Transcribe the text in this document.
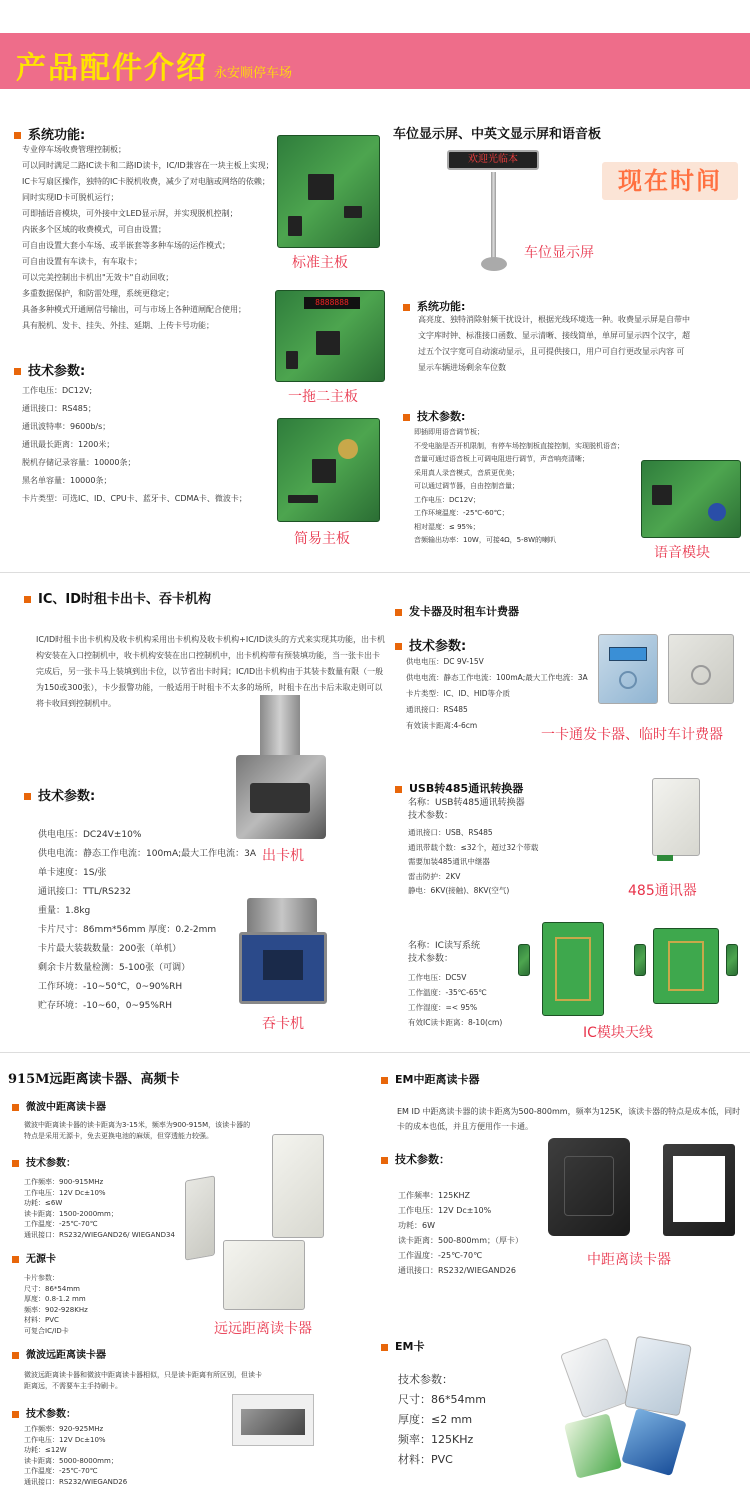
产品配件介绍 永安顺停车场
系统功能:
专业停车场收费管理控制板；
可以同时满足二路IC读卡和二路ID读卡，IC/ID兼容在一块主板上实现；
IC卡写扇区操作，独特的IC卡脱机收费，减少了对电脑或网络的依赖；
同时实现ID卡可脱机运行；
可即插语音模块，可外接中文LED显示屏，并实现脱机控制；
内嵌多个区域的收费模式，可自由设置；
可自由设置大套小车场、或半嵌套等多种车场的运作模式；
可自由设置有车读卡，有车取卡；
可以完美控制出卡机出"无效卡"自动回收；
多重数据保护，和防雷处理，系统更稳定；
具备多种模式开通闸信号输出，可与市场上各种道闸配合使用；
具有脱机、发卡、挂失、外挂、延期、上传卡号功能；
技术参数:
工作电压：DC12V;
通讯接口：RS485；
通讯波特率：9600b/s；
通讯最长距离：1200米；
脱机存储记录容量：10000条；
黑名单容量：10000条；
卡片类型：可选IC、ID、CPU卡、蓝牙卡、CDMA卡、微波卡；
标准主板
8888888
一拖二主板
简易主板
车位显示屏、中英文显示屏和语音板
欢迎光临本
现在时间
车位显示屏
系统功能:
高亮度、独特消除射频干扰设计，根据光线环境选一种。收费显示屏是自带中
文字库时钟、标准接口函数、显示清晰、接线简单，单屏可显示四个汉字，超
过五个汉字宽可自动滚动显示，且可提供接口，用户可自行更改显示内容 可
显示车辆进场剩余车位数
技术参数:
即插即用语音调节板；
不受电脑是否开机限制，有停车场控制板直接控制，实现脱机语音；
音量可通过语音板上可调电阻进行调节，声音响亮清晰；
采用真人录音模式，音质更优美；
可以通过调节器，自由控制音量；
工作电压：DC12V；
工作环境温度：-25℃-60℃；
相对湿度：≤ 95%；
音频输出功率：10W，可接4Ω，5-8W的喇叭
语音模块
IC、ID时租卡出卡、吞卡机构
IC/ID时租卡出卡机构及收卡机构采用出卡机构及收卡机构+IC/ID读头的方式来实现其功能，出卡机构安装在入口控制机中，收卡机构安装在出口控制机中，出卡机构带有预装填功能，当一张卡出卡完成后，另一张卡马上装填到出卡位，以节省出卡时间；IC/ID出卡机构由于其装卡数量有限（一般为150或300张），卡少报警功能，一般适用于时租卡不太多的场所，时租卡在出卡后未取走则可以将卡收回到控制机中。
技术参数:
供电电压：DC24V±10%
供电电流：静态工作电流：100mA;最大工作电流：3A
单卡速度：1S/张
通讯接口：TTL/RS232
重量：1.8kg
卡片尺寸：86mm*56mm 厚度：0.2-2mm
卡片最大装载数量：200张（单机）
剩余卡片数量检测：5-100张（可调）
工作环境：-10~50℃，0~90%RH
贮存环境：-10~60，0~95%RH
出卡机
吞卡机
发卡器及时租车计费器
技术参数:
供电电压：DC 9V-15V
供电电流：静态工作电流：100mA;最大工作电流：3A
卡片类型：IC、ID、HID等介质
通讯接口：RS485
有效读卡距离:4-6cm
一卡通发卡器、临时车计费器
USB转485通讯转换器
名称：USB转485通讯转换器
技术参数：
通讯接口：USB、RS485
通讯带载个数：≤32个，超过32个带载
需要加装485通讯中继器
雷击防护：2KV
静电：6KV(接触)、8KV(空气)	485通讯器
名称：IC读写系统
技术参数：
工作电压：DC5V
工作温度：-35℃-65℃
工作湿度：=< 95%
有效IC读卡距离：8-10(cm)
IC模块天线
915M远距离读卡器、高频卡
微波中距离读卡器
微波中距离读卡器的读卡距离为3-15米，频率为900-915M，该读卡器的特点是采用无源卡，免去更换电池的麻烦，但穿透能力较强。
技术参数：
工作频率：900-915MHz
工作电压：12V Dc±10%
功耗：≤6W
读卡距离：1500-2000mm；
工作温度：-25℃-70℃
通讯接口：RS232/WIEGAND26/ WIEGAND34
无源卡
卡片参数：
尺寸：86*54mm
厚度：0.8-1.2 mm
频率：902-928KHz
材料：PVC
可复合IC/ID卡	远远距离读卡器
微波远距离读卡器
微波远距离读卡器和微波中距离读卡器相似，只是读卡距离有所区别，但读卡距离远，不需要车主手持刷卡。
技术参数：
工作频率：920-925MHz
工作电压：12V Dc±10%
功耗：≤12W
读卡距离：5000-8000mm；
工作温度：-25℃-70℃
通讯接口：RS232/WIEGAND26
EM中距离读卡器
EM ID 中距离读卡器的读卡距离为500-800mm，频率为125K，该读卡器的特点是成本低，同时卡的成本也低，并且方便用作一卡通。
技术参数：
工作频率：125KHZ
工作电压：12V Dc±10%
功耗：6W
读卡距离：500-800mm；（厚卡）
工作温度：-25℃-70℃
通讯接口：RS232/WIEGAND26
中距离读卡器
EM卡
技术参数：
尺寸：86*54mm
厚度：≤2 mm
频率：125KHz
材料：PVC
